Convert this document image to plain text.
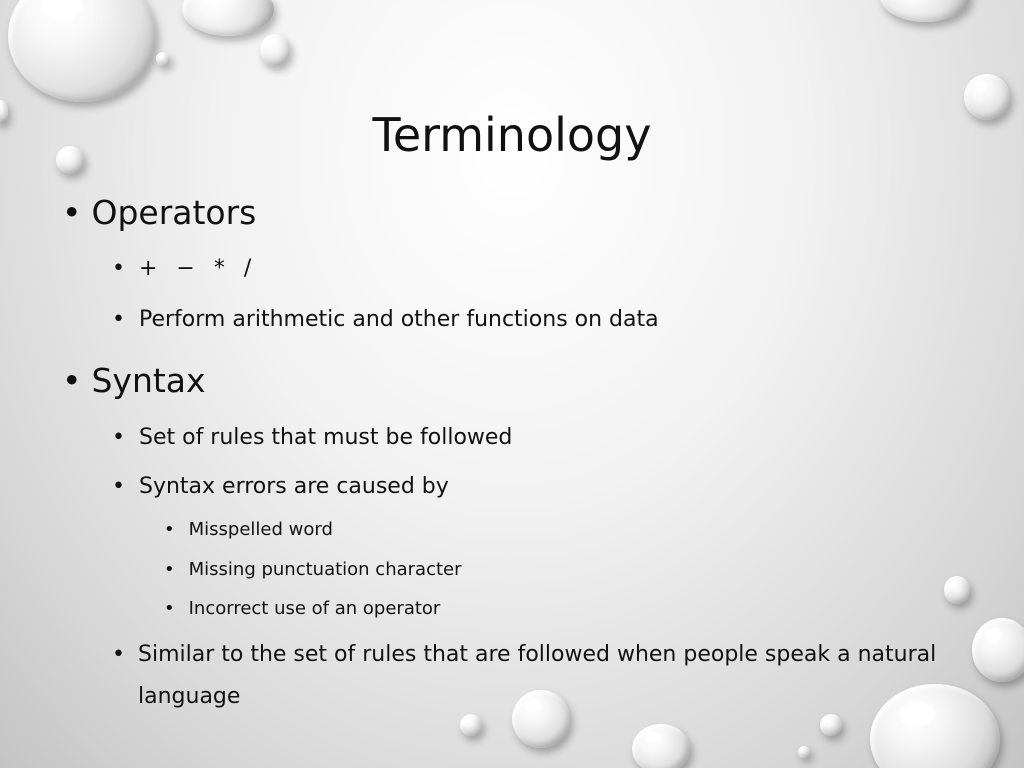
Terminology
• Operators
• + − * /
• Perform arithmetic and other functions on data
• Syntax
• Set of rules that must be followed
• Syntax errors are caused by
• Misspelled word
• Missing punctuation character
• Incorrect use of an operator
• Similar to the set of rules that are followed when people speak a natural language
